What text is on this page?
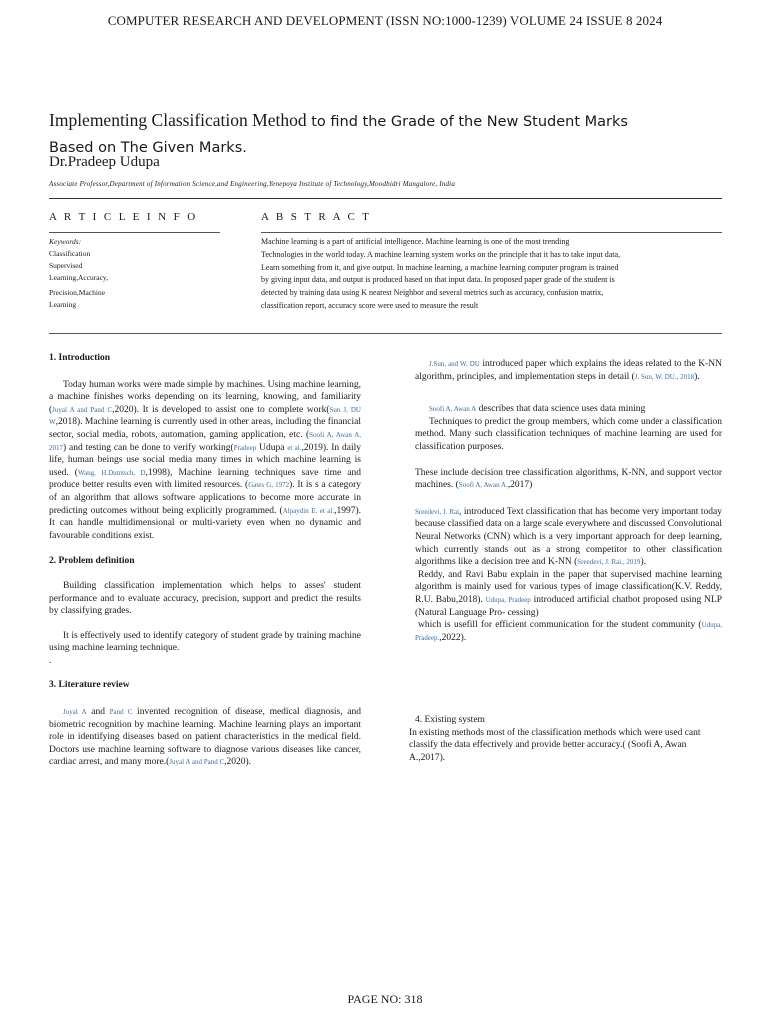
COMPUTER RESEARCH AND DEVELOPMENT (ISSN NO:1000-1239) VOLUME 24 ISSUE 8 2024
Implementing Classification Method to find the Grade of the New Student Marks
Based on The Given Marks.
Dr.Pradeep Udupa
Associate Professor,Department of Information Science,and Engineering,Yenepoya Institute of Technology,Moodbidri Mangalore, India
A R T I C L E I N F O	A B S T R A C T
Keywords:
Classification
Supervised
Learning,Accuracy,
Precision,Machine
Learning
Machine learning is a part of artificial intelligence. Machine learning is one of the most trending
Technologies in the world today. A machine learning system works on the principle that it has to take input data,
Learn something from it, and give output. In machine learning, a machine learning computer program is trained
by giving input data, and output is produced based on that input data. In proposed paper grade of the student is
detected by training data using K nearest Neighbor and several metrics such as accuracy, confusion matrix,
classification report, accuracy score were used to measure the result
1. Introduction

Today human works were made simple by machines. Using machine learning, a machine finishes works depending on its learning, knowing, and familiarity (Juyal A and Pand C,2020). It is developed to assist one to complete work(Sun J, DU W,2018). Machine learning is currently used in other areas, including the financial sector, social media, robots, automation, gaming application, etc. (Soofi A, Awan A, 2017) and testing can be done to verify working(Pradeep Udupa et al.,2019). In daily life, human beings use social media many times in which machine learning is used. (Wang, H.Dumtsch, D,1998), Machine learning techniques save time and produce better results even with limited resources. (Gates G, 1972). It is s a category of an algorithm that allows software applications to become more accurate in predicting outcomes without being explicitly programmed. (Alpaydin E. et al.,1997). It can handle multidimensional or multi-variety even when no dynamic and favourable conditions exist.

2. Problem definition

Building classification implementation which helps to asses' student performance and to evaluate accuracy, precision, support and predict the results by classifying grades.

It is effectively used to identify category of student grade by training machine using machine learning technique.

.

3. Literature review

Juyal A and Pand C invented recognition of disease, medical diagnosis, and biometric recognition by machine learning. Machine learning plays an important role in identifying diseases based on patient characteristics in the medical field. Doctors use machine learning software to diagnose various diseases like cancer, cardiac arrest, and many more.(Juyal A and Pand C,2020).

J.Sun, and W. DU introduced paper which explains the ideas related to the K-NN algorithm, principles, and implementation steps in detail (J. Sun, W. DU., 2018).

Soofi A, Awan A describes that data science uses data mining

Techniques to predict the group members, which come under a classification method. Many such classification techniques of machine learning are used for classification purposes.

These include decision tree classification algorithms, K-NN, and support vector machines. (Soofi A, Awan A.,2017)

Sreedevi, J. Rai, introduced Text classification that has become very important today because classified data on a large scale everywhere and discussed Convolutional Neural Networks (CNN) which is a very important approach for deep learning, which currently stands out as a strong competitor to other classification algorithms like a decision tree and K-NN (Sreedevi, J. Rai., 2019).

Reddy, and Ravi Babu explain in the paper that supervised machine learning algorithm is mainly used for various types of image classification(K.V. Reddy, R.U. Babu,2018). Udupa, Pradeep introduced artificial chatbot proposed using NLP (Natural Language Pro- cessing)

which is usefill for efficient communication for the student community (Udupa, Pradeep.,2022).

4. Existing system

In existing methods most of the classification methods which were used cant classify the data effectively and provide better accuracy.( (Soofi A, Awan A.,2017).

PAGE NO: 318
